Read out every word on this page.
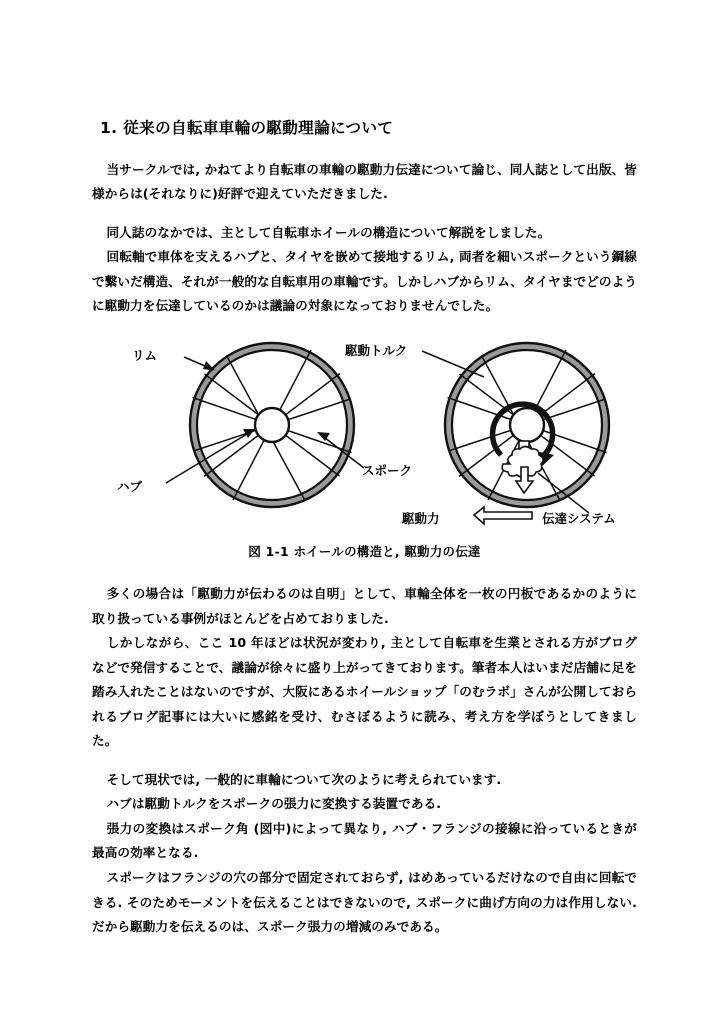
1. 従来の自転車車輪の駆動理論について

当サークルでは, かねてより自転車の車輪の駆動力伝達について論じ、同人誌として出版、皆様からは(それなりに)好評で迎えていただきました.

同人誌のなかでは、主として自転車ホイールの構造について解説をしました。

回転軸で車体を支えるハブと、タイヤを嵌めて接地するリム, 両者を細いスポークという鋼線で繋いだ構造、それが一般的な自転車用の車輪です。しかしハブからリム、タイヤまでどのように駆動力を伝達しているのかは議論の対象になっておりませんでした。

リム
ハブ
スポーク
駆動トルク
駆動力	伝達システム
図 1-1 ホイールの構造と, 駆動力の伝達

多くの場合は「駆動力が伝わるのは自明」として、車輪全体を一枚の円板であるかのように取り扱っている事例がほとんどを占めておりました.

しかしながら、ここ 10 年ほどは状況が変わり, 主として自転車を生業とされる方がブログなどで発信することで、議論が徐々に盛り上がってきております。筆者本人はいまだ店舗に足を踏み入れたことはないのですが、大阪にあるホイールショップ「のむラボ」さんが公開しておられるブログ記事には大いに感銘を受け、むさぼるように読み、考え方を学ぼうとしてきました。

そして現状では, 一般的に車輪について次のように考えられています.

ハブは駆動トルクをスポークの張力に変換する装置である.

張力の変換はスポーク角 (図中)によって異なり, ハブ・フランジの接線に沿っているときが最高の効率となる.

スポークはフランジの穴の部分で固定されておらず, はめあっているだけなので自由に回転できる. そのためモーメントを伝えることはできないので, スポークに曲げ方向の力は作用しない. だから駆動力を伝えるのは、スポーク張力の増減のみである。
